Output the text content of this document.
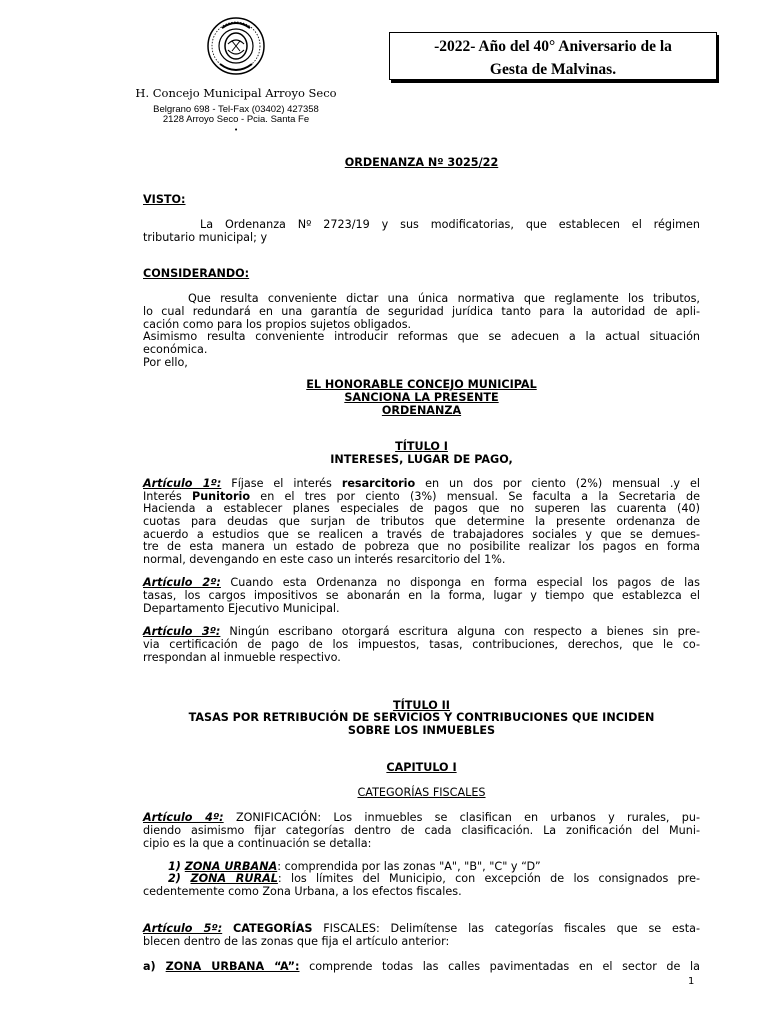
H. Concejo Municipal Arroyo Seco
Belgrano 698 - Tel-Fax (03402) 427358
2128 Arroyo Seco - Pcia. Santa Fe
•
-2022- Año del 40° Aniversario de la
Gesta de Malvinas.
ORDENANZA Nº 3025/22
VISTO:
La Ordenanza Nº 2723/19 y sus modificatorias, que establecen el régimen
tributario municipal; y
CONSIDERANDO:
Que resulta conveniente dictar una única normativa que reglamente los tributos,
lo cual redundará en una garantía de seguridad jurídica tanto para la autoridad de apli-
cación como para los propios sujetos obligados.
Asimismo resulta conveniente introducir reformas que se adecuen a la actual situación
económica.
Por ello,
EL HONORABLE CONCEJO MUNICIPAL
SANCIONA LA PRESENTE
ORDENANZA
TÍTULO I
INTERESES, LUGAR DE PAGO,
Artículo 1º: Fíjase el interés resarcitorio en un dos por ciento (2%) mensual .y el
Interés Punitorio en el tres por ciento (3%) mensual. Se faculta a la Secretaria de
Hacienda a establecer planes especiales de pagos que no superen las cuarenta (40)
cuotas para deudas que surjan de tributos que determine la presente ordenanza de
acuerdo a estudios que se realicen a través de trabajadores sociales y que se demues-
tre de esta manera un estado de pobreza que no posibilite realizar los pagos en forma
normal, devengando en este caso un interés resarcitorio del 1%.
Artículo 2º: Cuando esta Ordenanza no disponga en forma especial los pagos de las
tasas, los cargos impositivos se abonarán en la forma, lugar y tiempo que establezca el
Departamento Ejecutivo Municipal.
Artículo 3º: Ningún escribano otorgará escritura alguna con respecto a bienes sin pre-
via certificación de pago de los impuestos, tasas, contribuciones, derechos, que le co-
rrespondan al inmueble respectivo.
TÍTULO II
TASAS POR RETRIBUCIÓN DE SERVICIOS Y CONTRIBUCIONES QUE INCIDEN
SOBRE LOS INMUEBLES
CAPITULO I
CATEGORÍAS FISCALES
Artículo 4º: ZONIFICACIÓN: Los inmuebles se clasifican en urbanos y rurales, pu-
diendo asimismo fijar categorías dentro de cada clasificación. La zonificación del Muni-
cipio es la que a continuación se detalla:
1) ZONA URBANA: comprendida por las zonas "A", "B", "C" y “D”
2) ZONA RURAL: los límites del Municipio, con excepción de los consignados pre-
cedentemente como Zona Urbana, a los efectos fiscales.
Artículo 5º: CATEGORÍAS FISCALES: Delimítense las categorías fiscales que se esta-
blecen dentro de las zonas que fija el artículo anterior:
a) ZONA URBANA “A”: comprende todas las calles pavimentadas en el sector de la
1
